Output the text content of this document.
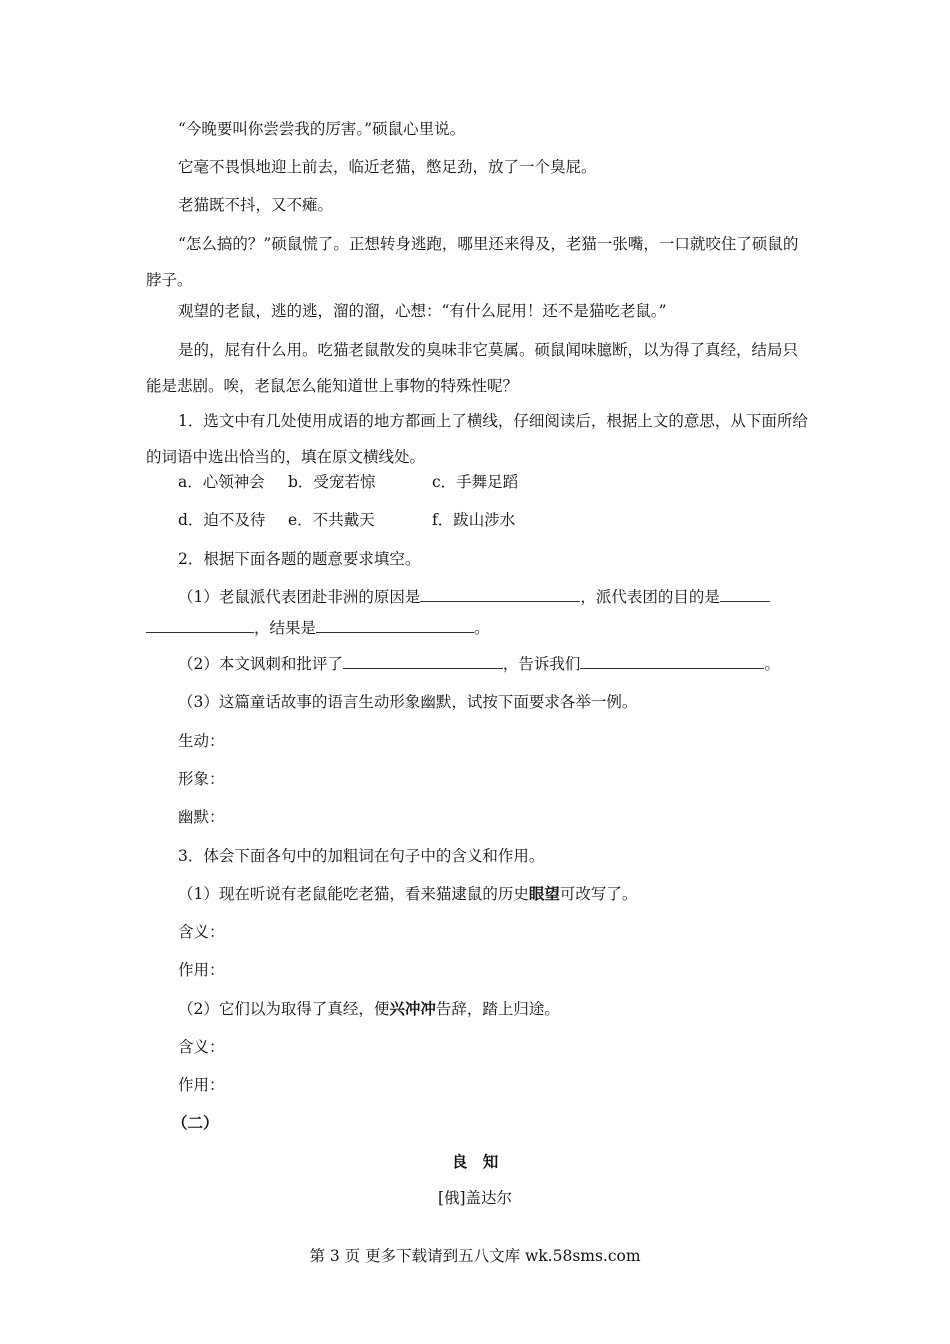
“今晚要叫你尝尝我的厉害。”硕鼠心里说。
它毫不畏惧地迎上前去，临近老猫，憋足劲，放了一个臭屁。
老猫既不抖，又不瘫。
“怎么搞的？”硕鼠慌了。正想转身逃跑，哪里还来得及，老猫一张嘴，一口就咬住了硕鼠的脖子。
观望的老鼠，逃的逃，溜的溜，心想：“有什么屁用！还不是猫吃老鼠。”
是的，屁有什么用。吃猫老鼠散发的臭味非它莫属。硕鼠闻味臆断，以为得了真经，结局只能是悲剧。唉，老鼠怎么能知道世上事物的特殊性呢？
1．选文中有几处使用成语的地方都画上了横线，仔细阅读后，根据上文的意思，从下面所给的词语中选出恰当的，填在原文横线处。
a．心领神会 b．受宠若惊	c．手舞足蹈
d．迫不及待 e．不共戴天	f．跋山涉水
2．根据下面各题的题意要求填空。
（1）老鼠派代表团赴非洲的原因是	，派代表团的目的是
，结果是	。
（2）本文讽刺和批评了	，告诉我们	。
（3）这篇童话故事的语言生动形象幽默，试按下面要求各举一例。
生动：
形象：
幽默：
3．体会下面各句中的加粗词在句子中的含义和作用。
（1）现在听说有老鼠能吃老猫，看来猫逮鼠的历史眼望可改写了。
含义：
作用：
（2）它们以为取得了真经，便兴冲冲告辞，踏上归途。
含义：
作用：
（二）
良　知
[俄]盖达尔
第 3 页 更多下载请到五八文库 wk.58sms.com
